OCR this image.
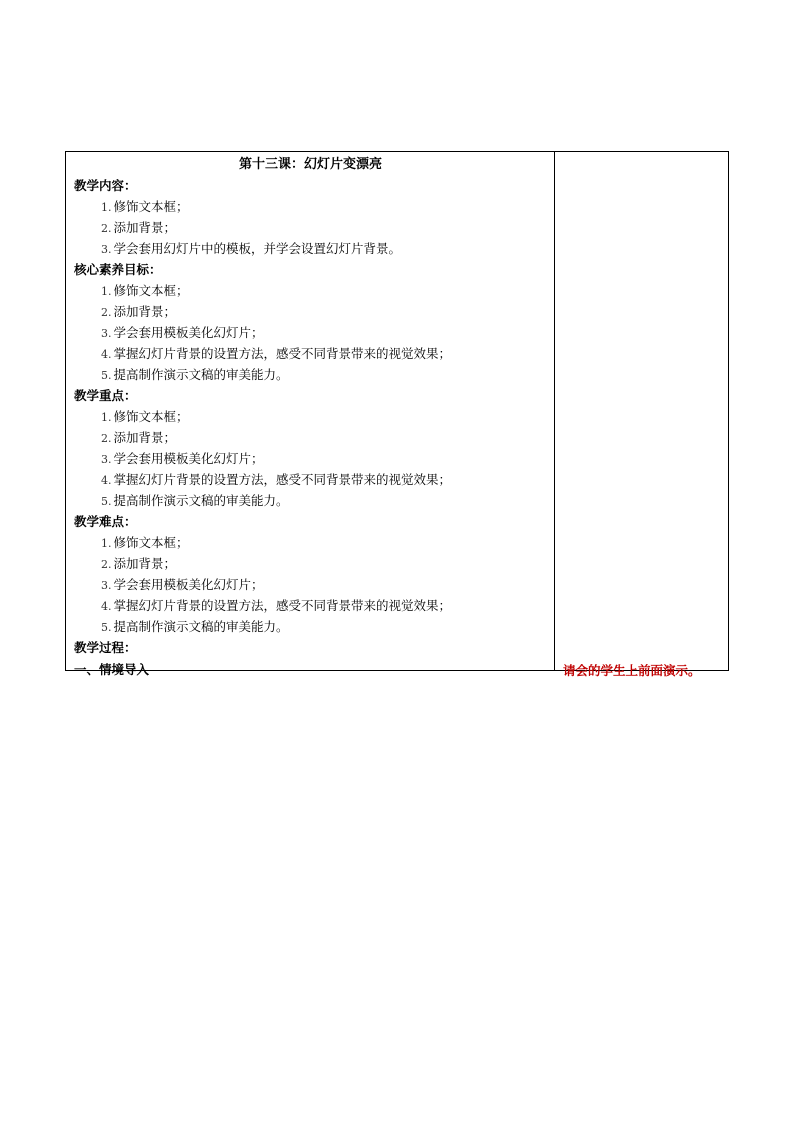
第十三课：幻灯片变漂亮
教学内容：
1. 修饰文本框；
2. 添加背景；
3. 学会套用幻灯片中的模板，并学会设置幻灯片背景。
核心素养目标：
1. 修饰文本框；
2. 添加背景；
3. 学会套用模板美化幻灯片；
4. 掌握幻灯片背景的设置方法，感受不同背景带来的视觉效果；
5. 提高制作演示文稿的审美能力。
教学重点：
1. 修饰文本框；
2. 添加背景；
3. 学会套用模板美化幻灯片；
4. 掌握幻灯片背景的设置方法，感受不同背景带来的视觉效果；
5. 提高制作演示文稿的审美能力。
教学难点：
1. 修饰文本框；
2. 添加背景；
3. 学会套用模板美化幻灯片；
4. 掌握幻灯片背景的设置方法，感受不同背景带来的视觉效果；
5. 提高制作演示文稿的审美能力。
教学过程：
一、情境导入	请会的学生上前面演示。
